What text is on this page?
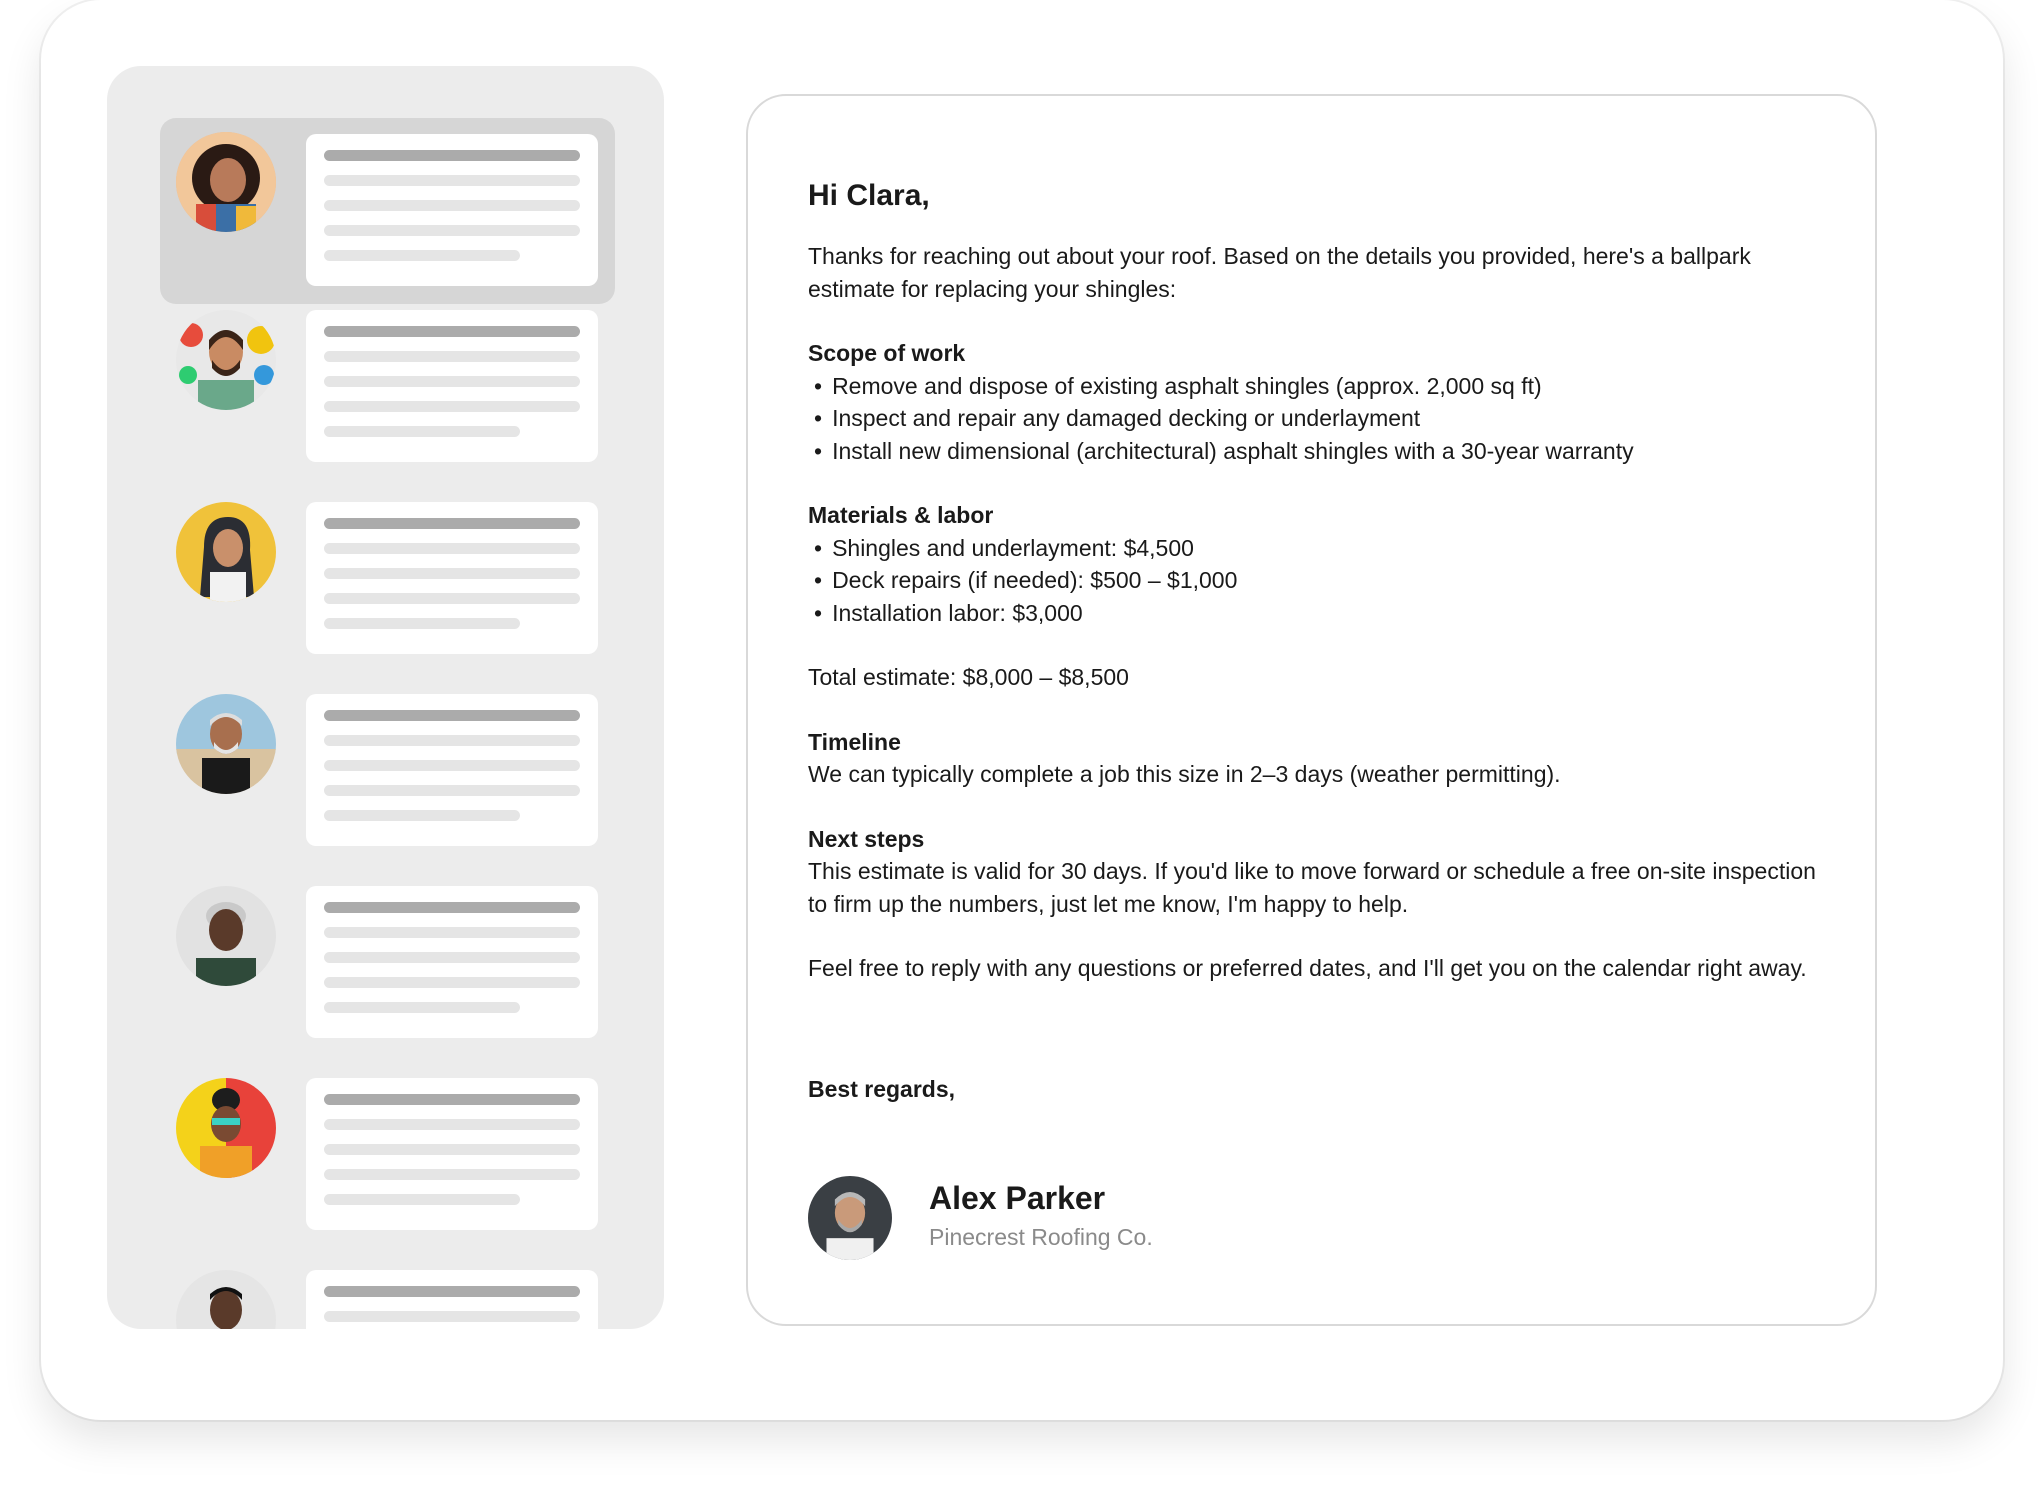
Hi Clara,
Thanks for reaching out about your roof. Based on the details you provided, here's a ballpark estimate for replacing your shingles:
Scope of work
• Remove and dispose of existing asphalt shingles (approx. 2,000 sq ft)
• Inspect and repair any damaged decking or underlayment
• Install new dimensional (architectural) asphalt shingles with a 30-year warranty
Materials & labor
• Shingles and underlayment: $4,500
• Deck repairs (if needed): $500 – $1,000
• Installation labor: $3,000
Total estimate: $8,000 – $8,500
Timeline
We can typically complete a job this size in 2–3 days (weather permitting).
Next steps
This estimate is valid for 30 days. If you'd like to move forward or schedule a free on-site inspection to firm up the numbers, just let me know, I'm happy to help.
Feel free to reply with any questions or preferred dates, and I'll get you on the calendar right away.
Best regards,
Alex Parker
Pinecrest Roofing Co.
